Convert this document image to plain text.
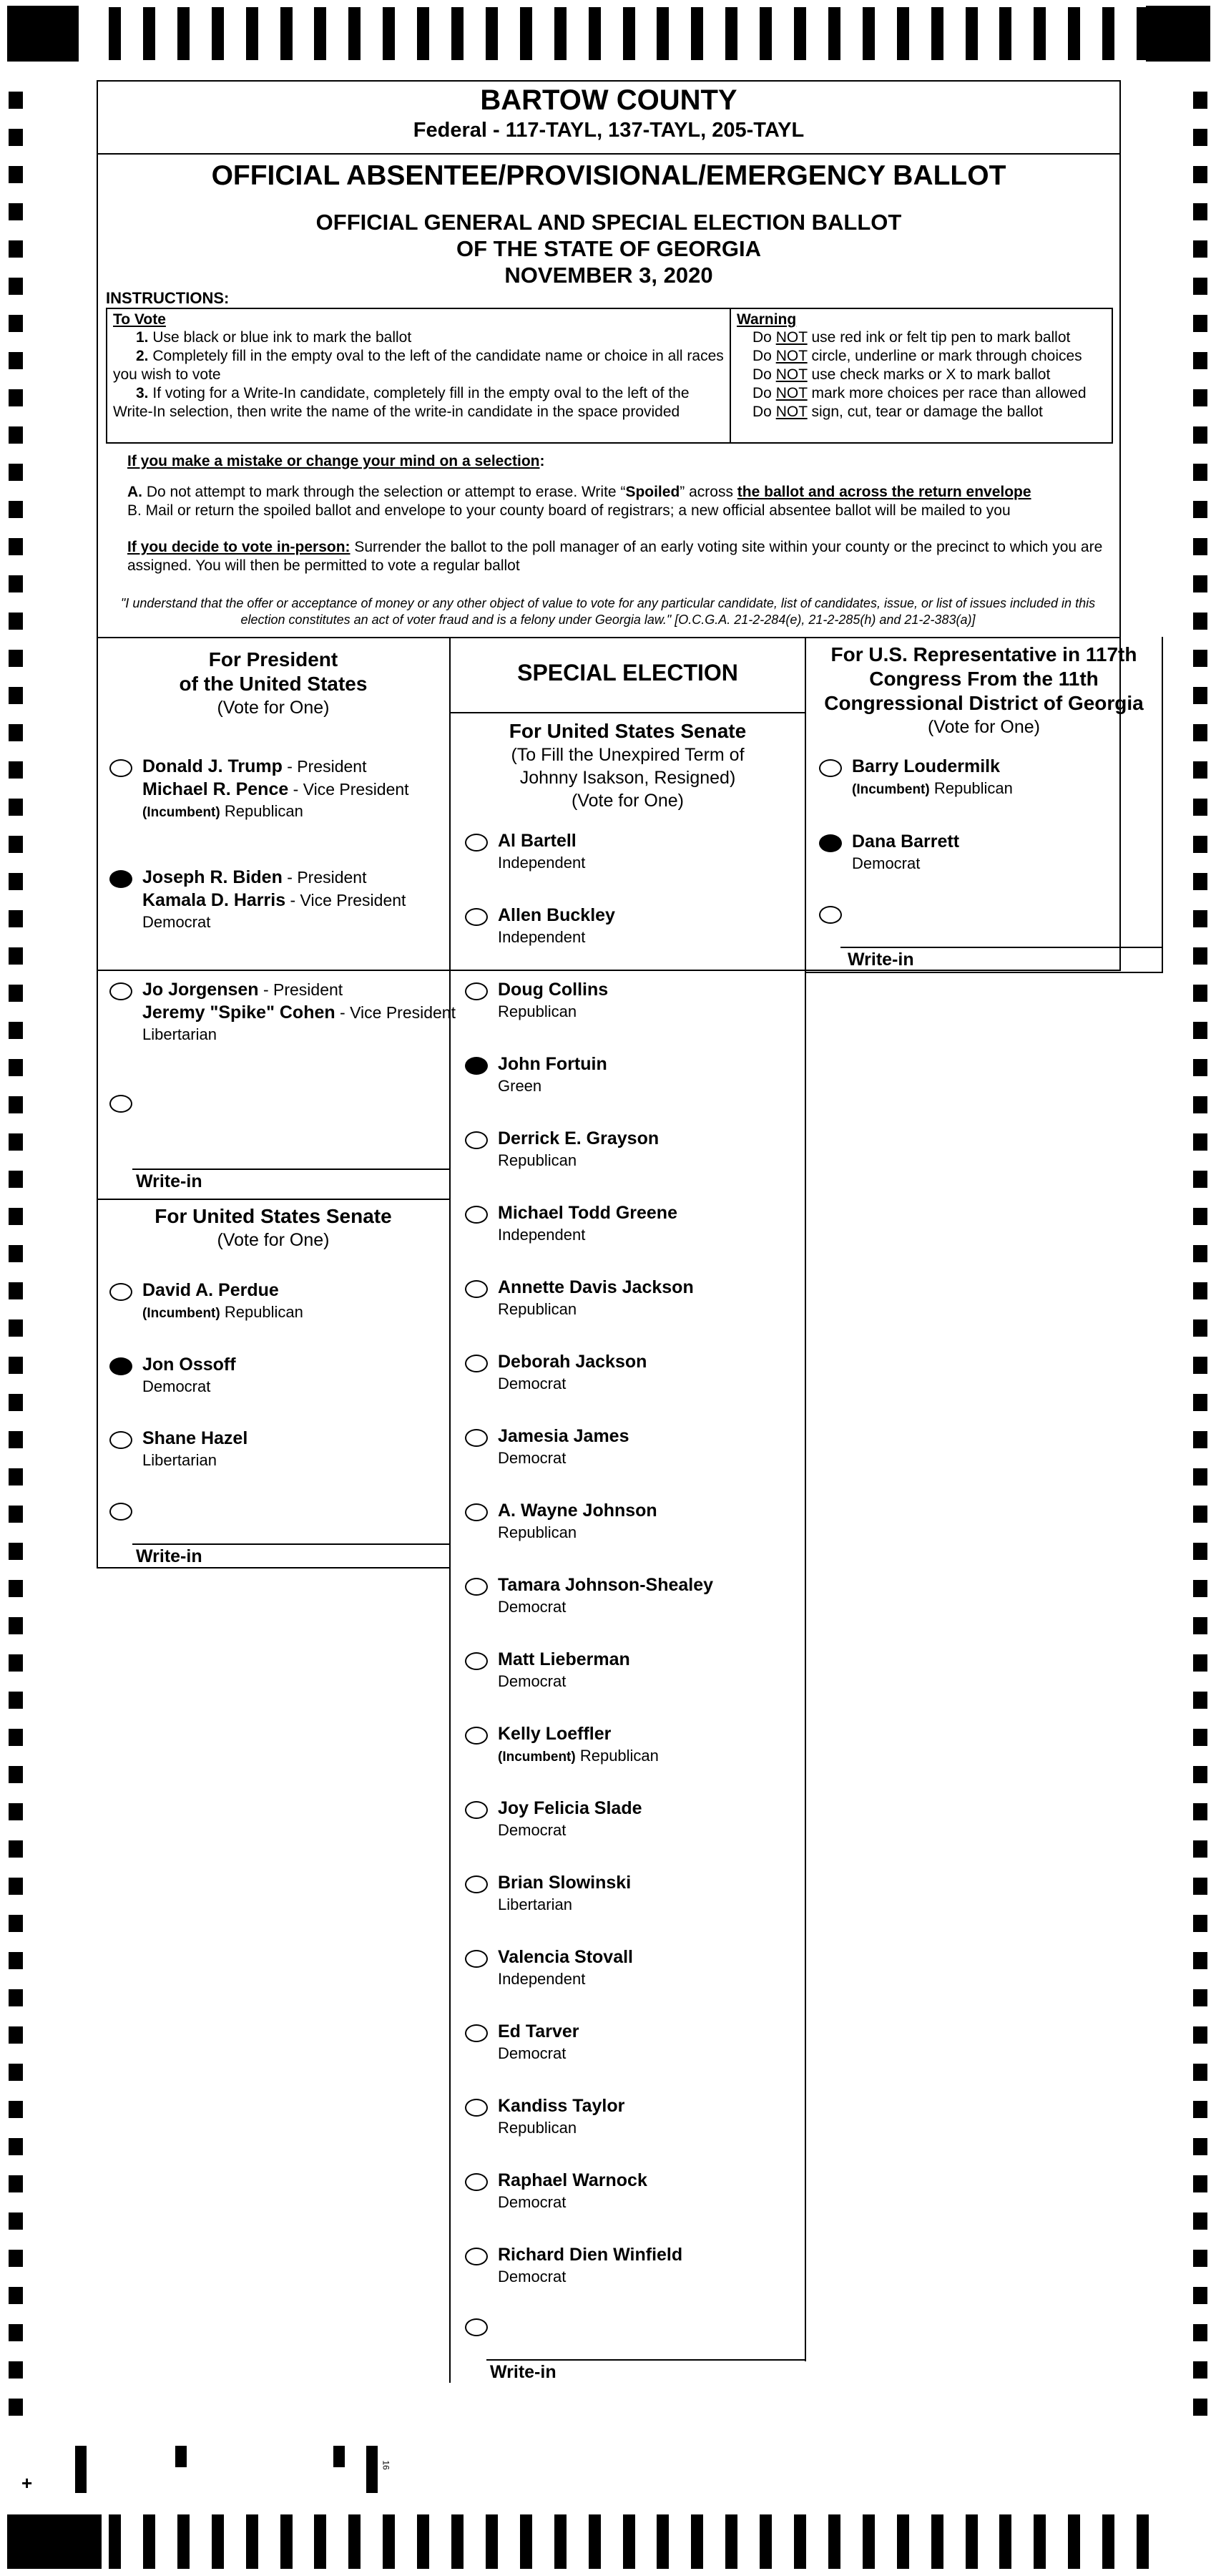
BARTOW COUNTY
Federal - 117-TAYL, 137-TAYL, 205-TAYL
OFFICIAL ABSENTEE/PROVISIONAL/EMERGENCY BALLOT
OFFICIAL GENERAL AND SPECIAL ELECTION BALLOT
OF THE STATE OF GEORGIA
NOVEMBER 3, 2020
INSTRUCTIONS:
To Vote
1. Use black or blue ink to mark the ballot
2. Completely fill in the empty oval to the left of the candidate name or choice in all races you wish to vote
3. If voting for a Write-In candidate, completely fill in the empty oval to the left of the Write-In selection, then write the name of the write-in candidate in the space provided
Warning
Do NOT use red ink or felt tip pen to mark ballot
Do NOT circle, underline or mark through choices
Do NOT use check marks or X to mark ballot
Do NOT mark more choices per race than allowed
Do NOT sign, cut, tear or damage the ballot
If you make a mistake or change your mind on a selection:
A. Do not attempt to mark through the selection or attempt to erase. Write “Spoiled” across the ballot and across the return envelope
B. Mail or return the spoiled ballot and envelope to your county board of registrars; a new official absentee ballot will be mailed to you
If you decide to vote in-person: Surrender the ballot to the poll manager of an early voting site within your county or the precinct to which you are assigned. You will then be permitted to vote a regular ballot
"I understand that the offer or acceptance of money or any other object of value to vote for any particular candidate, list of candidates, issue, or list of issues included in this election constitutes an act of voter fraud and is a felony under Georgia law." [O.C.G.A. 21-2-284(e), 21-2-285(h) and 21-2-383(a)]
For President
of the United States
(Vote for One)
Donald J. Trump - President
Michael R. Pence - Vice President
(Incumbent) Republican
Joseph R. Biden - President
Kamala D. Harris - Vice President
Democrat
Jo Jorgensen - President
Jeremy "Spike" Cohen - Vice President
Libertarian
Write-in
For United States Senate
(Vote for One)
David A. Perdue
(Incumbent) Republican
Jon Ossoff
Democrat
Shane Hazel
Libertarian
Write-in
SPECIAL ELECTION
For United States Senate
(To Fill the Unexpired Term of
Johnny Isakson, Resigned)
(Vote for One)
Al Bartell
Independent
Allen Buckley
Independent
Doug Collins
Republican
John Fortuin
Green
Derrick E. Grayson
Republican
Michael Todd Greene
Independent
Annette Davis Jackson
Republican
Deborah Jackson
Democrat
Jamesia James
Democrat
A. Wayne Johnson
Republican
Tamara Johnson-Shealey
Democrat
Matt Lieberman
Democrat
Kelly Loeffler
(Incumbent) Republican
Joy Felicia Slade
Democrat
Brian Slowinski
Libertarian
Valencia Stovall
Independent
Ed Tarver
Democrat
Kandiss Taylor
Republican
Raphael Warnock
Democrat
Richard Dien Winfield
Democrat
Write-in
For U.S. Representative in 117th
Congress From the 11th
Congressional District of Georgia
(Vote for One)
Barry Loudermilk
(Incumbent) Republican
Dana Barrett
Democrat
Write-in
+
16
